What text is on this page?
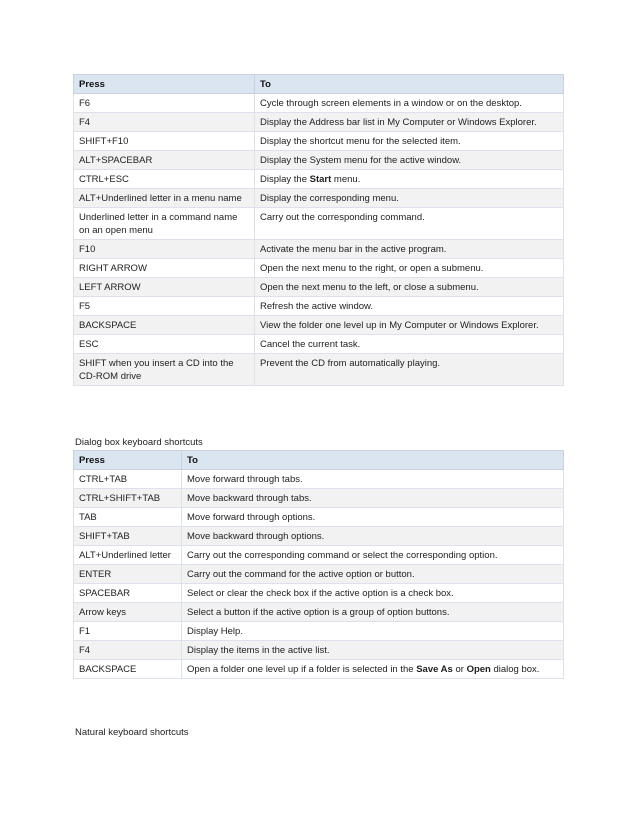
Press	To
F6	Cycle through screen elements in a window or on the desktop.
F4	Display the Address bar list in My Computer or Windows Explorer.
SHIFT+F10	Display the shortcut menu for the selected item.
ALT+SPACEBAR	Display the System menu for the active window.
CTRL+ESC	Display the Start menu.
ALT+Underlined letter in a menu name	Display the corresponding menu.
Underlined letter in a command name on an open menu	Carry out the corresponding command.
F10	Activate the menu bar in the active program.
RIGHT ARROW	Open the next menu to the right, or open a submenu.
LEFT ARROW	Open the next menu to the left, or close a submenu.
F5	Refresh the active window.
BACKSPACE	View the folder one level up in My Computer or Windows Explorer.
ESC	Cancel the current task.
SHIFT when you insert a CD into the CD-ROM drive	Prevent the CD from automatically playing.
Dialog box keyboard shortcuts
Press	To
CTRL+TAB	Move forward through tabs.
CTRL+SHIFT+TAB	Move backward through tabs.
TAB	Move forward through options.
SHIFT+TAB	Move backward through options.
ALT+Underlined letter	Carry out the corresponding command or select the corresponding option.
ENTER	Carry out the command for the active option or button.
SPACEBAR	Select or clear the check box if the active option is a check box.
Arrow keys	Select a button if the active option is a group of option buttons.
F1	Display Help.
F4	Display the items in the active list.
BACKSPACE	Open a folder one level up if a folder is selected in the Save As or Open dialog box.
Natural keyboard shortcuts
